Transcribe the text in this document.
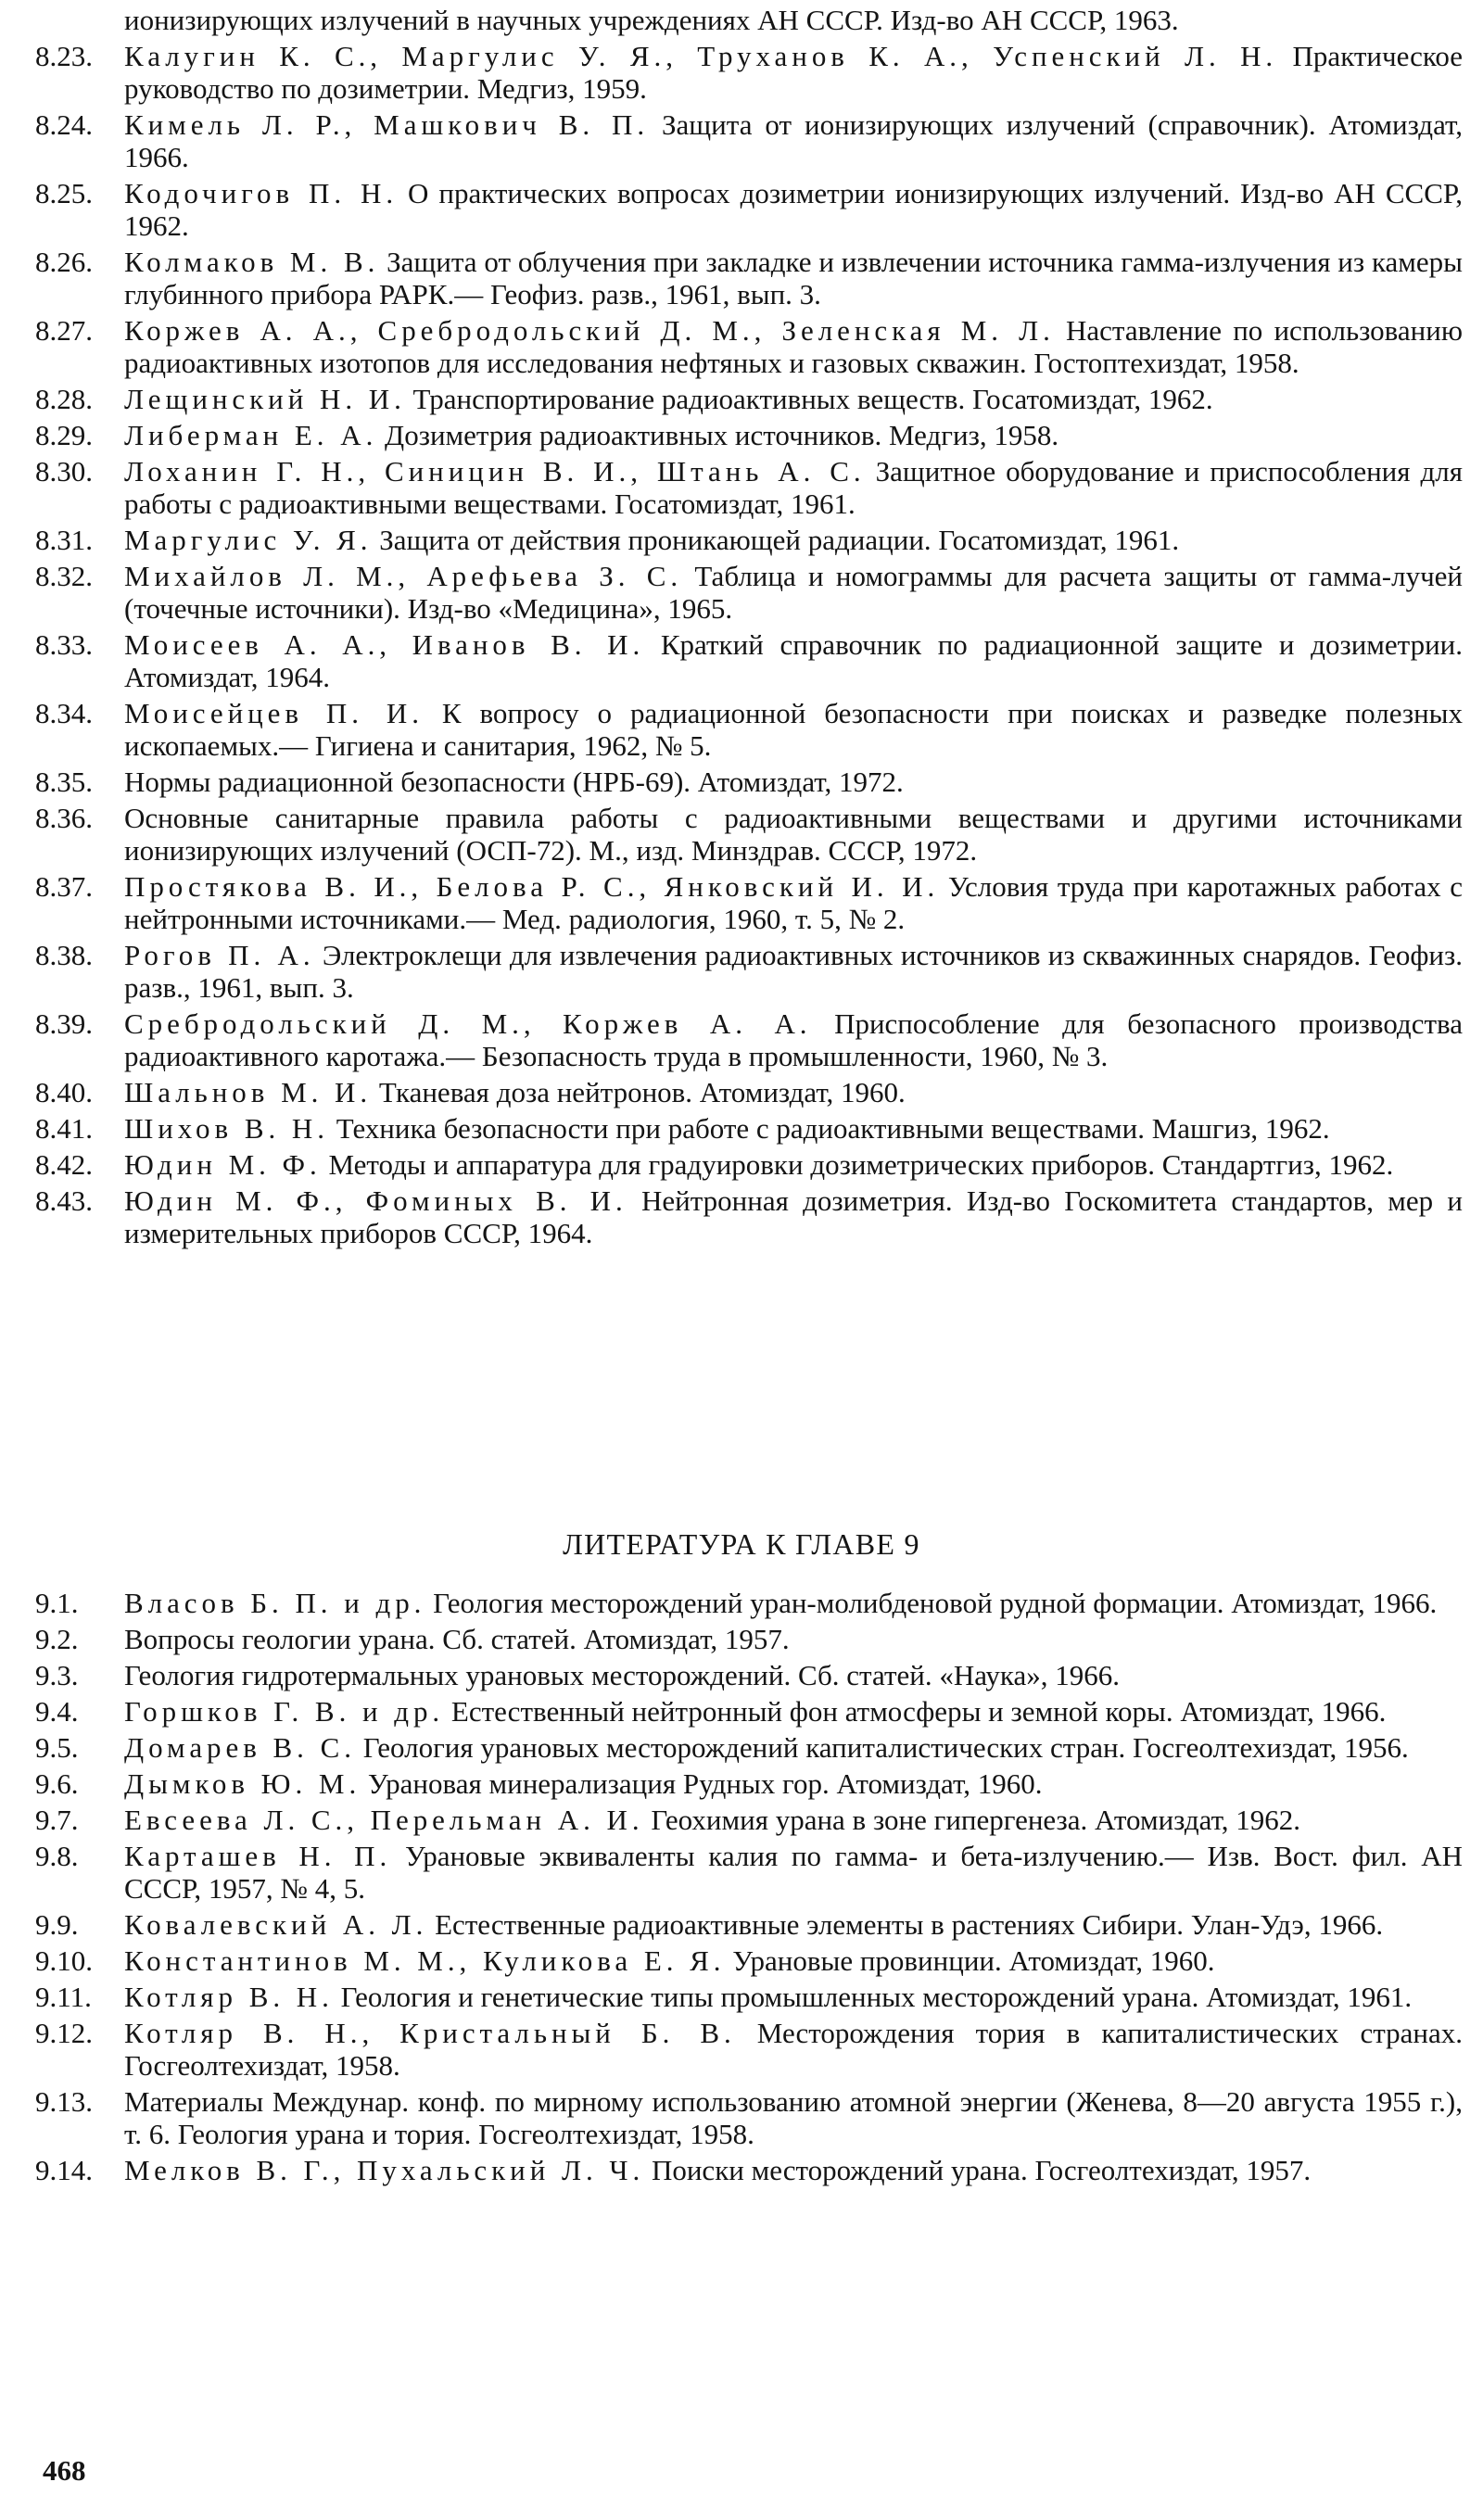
ионизирующих излучений в научных учреждениях АН СССР. Изд-во АН СССР, 1963.
8.23.	Калугин К. С., Маргулис У. Я., Труханов К. А., Успенский Л. Н. Практическое руководство по дозиметрии. Медгиз, 1959.
8.24.	Кимель Л. Р., Машкович В. П. Защита от ионизирующих излучений (справочник). Атомиздат, 1966.
8.25.	Кодочигов П. Н. О практических вопросах дозиметрии ионизирующих излучений. Изд-во АН СССР, 1962.
8.26.	Колмаков М. В. Защита от облучения при закладке и извлечении источника гамма-излучения из камеры глубинного прибора РАРК.— Геофиз. разв., 1961, вып. 3.
8.27.	Коржев А. А., Сребродольский Д. М., Зеленская М. Л. Наставление по использованию радиоактивных изотопов для исследования нефтяных и газовых скважин. Гостоптехиздат, 1958.
8.28.	Лещинский Н. И. Транспортирование радиоактивных веществ. Госатомиздат, 1962.
8.29.	Либерман Е. А. Дозиметрия радиоактивных источников. Медгиз, 1958.
8.30.	Лоханин Г. Н., Синицин В. И., Штань А. С. Защитное оборудование и приспособления для работы с радиоактивными веществами. Госатомиздат, 1961.
8.31.	Маргулис У. Я. Защита от действия проникающей радиации. Госатомиздат, 1961.
8.32.	Михайлов Л. М., Арефьева З. С. Таблица и номограммы для расчета защиты от гамма-лучей (точечные источники). Изд-во «Медицина», 1965.
8.33.	Моисеев А. А., Иванов В. И. Краткий справочник по радиационной защите и дозиметрии. Атомиздат, 1964.
8.34.	Моисейцев П. И. К вопросу о радиационной безопасности при поисках и разведке полезных ископаемых.— Гигиена и санитария, 1962, № 5.
8.35.	Нормы радиационной безопасности (НРБ-69). Атомиздат, 1972.
8.36.	Основные санитарные правила работы с радиоактивными веществами и другими источниками ионизирующих излучений (ОСП-72). М., изд. Минздрав. СССР, 1972.
8.37.	Простякова В. И., Белова Р. С., Янковский И. И. Условия труда при каротажных работах с нейтронными источниками.— Мед. радиология, 1960, т. 5, № 2.
8.38.	Рогов П. А. Электроклещи для извлечения радиоактивных источников из скважинных снарядов. Геофиз. разв., 1961, вып. 3.
8.39.	Сребродольский Д. М., Коржев А. А. Приспособление для безопасного производства радиоактивного каротажа.— Безопасность труда в промышленности, 1960, № 3.
8.40.	Шальнов М. И. Тканевая доза нейтронов. Атомиздат, 1960.
8.41.	Шихов В. Н. Техника безопасности при работе с радиоактивными веществами. Машгиз, 1962.
8.42.	Юдин М. Ф. Методы и аппаратура для градуировки дозиметрических приборов. Стандартгиз, 1962.
8.43.	Юдин М. Ф., Фоминых В. И. Нейтронная дозиметрия. Изд-во Госкомитета стандартов, мер и измерительных приборов СССР, 1964.
ЛИТЕРАТУРА К ГЛАВЕ 9
9.1.	Власов Б. П. и др. Геология месторождений уран-молибденовой рудной формации. Атомиздат, 1966.
9.2.	Вопросы геологии урана. Сб. статей. Атомиздат, 1957.
9.3.	Геология гидротермальных урановых месторождений. Сб. статей. «Наука», 1966.
9.4.	Горшков Г. В. и др. Естественный нейтронный фон атмосферы и земной коры. Атомиздат, 1966.
9.5.	Домарев В. С. Геология урановых месторождений капиталистических стран. Госгеолтехиздат, 1956.
9.6.	Дымков Ю. М. Урановая минерализация Рудных гор. Атомиздат, 1960.
9.7.	Евсеева Л. С., Перельман А. И. Геохимия урана в зоне гипергенеза. Атомиздат, 1962.
9.8.	Карташев Н. П. Урановые эквиваленты калия по гамма- и бета-излучению.— Изв. Вост. фил. АН СССР, 1957, № 4, 5.
9.9.	Ковалевский А. Л. Естественные радиоактивные элементы в растениях Сибири. Улан-Удэ, 1966.
9.10.	Константинов М. М., Куликова Е. Я. Урановые провинции. Атомиздат, 1960.
9.11.	Котляр В. Н. Геология и генетические типы промышленных месторождений урана. Атомиздат, 1961.
9.12.	Котляр В. Н., Кристальный Б. В. Месторождения тория в капиталистических странах. Госгеолтехиздат, 1958.
9.13.	Материалы Междунар. конф. по мирному использованию атомной энергии (Женева, 8—20 августа 1955 г.), т. 6. Геология урана и тория. Госгеолтехиздат, 1958.
9.14.	Мелков В. Г., Пухальский Л. Ч. Поиски месторождений урана. Госгеолтехиздат, 1957.
468
